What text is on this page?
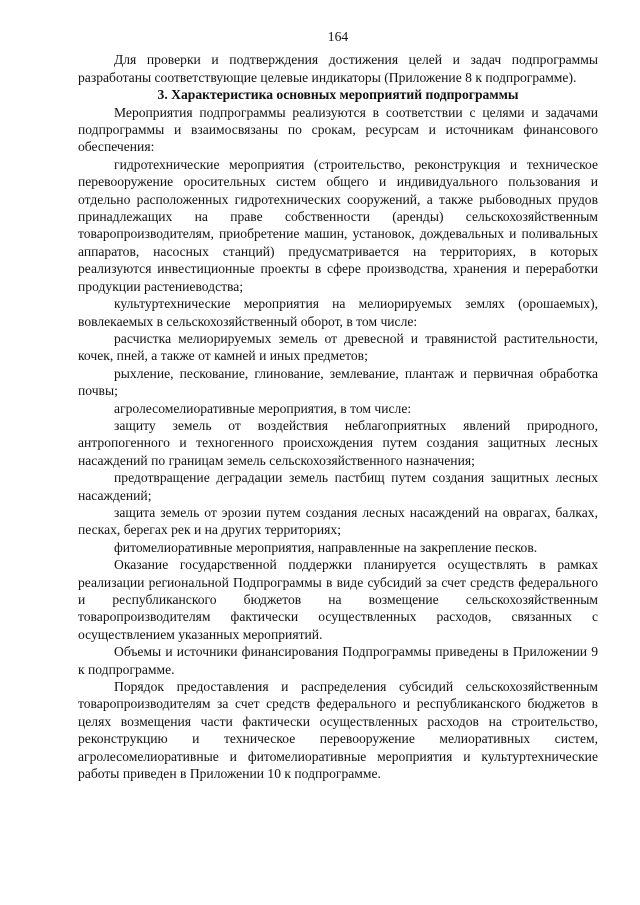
164

Для проверки и подтверждения достижения целей и задач подпрограммы разработаны соответствующие целевые индикаторы (Приложение 8 к подпрограмме).

3. Характеристика основных мероприятий подпрограммы

Мероприятия подпрограммы реализуются в соответствии с целями и задачами подпрограммы и взаимосвязаны по срокам, ресурсам и источникам финансового обеспечения:

гидротехнические мероприятия (строительство, реконструкция и техническое перевооружение оросительных систем общего и индивидуального пользования и отдельно расположенных гидротехнических сооружений, а также рыбоводных прудов принадлежащих на праве собственности (аренды) сельскохозяйственным товаропроизводителям, приобретение машин, установок, дождевальных и поливальных аппаратов, насосных станций) предусматривается на территориях, в которых реализуются инвестиционные проекты в сфере производства, хранения и переработки продукции растениеводства;

культуртехнические мероприятия на мелиорируемых землях (орошаемых), вовлекаемых в сельскохозяйственный оборот, в том числе:

расчистка мелиорируемых земель от древесной и травянистой растительности, кочек, пней, а также от камней и иных предметов;

рыхление, пескование, глинование, землевание, плантаж и первичная обработка почвы;

агролесомелиоративные мероприятия, в том числе:

защиту земель от воздействия неблагоприятных явлений природного, антропогенного и техногенного происхождения путем создания защитных лесных насаждений по границам земель сельскохозяйственного назначения;

предотвращение деградации земель пастбищ путем создания защитных лесных насаждений;

защита земель от эрозии путем создания лесных насаждений на оврагах, балках, песках, берегах рек и на других территориях;

фитомелиоративные мероприятия, направленные на закрепление песков.

Оказание государственной поддержки планируется осуществлять в рамках реализации региональной Подпрограммы в виде субсидий за счет средств федерального и республиканского бюджетов на возмещение сельскохозяйственным товаропроизводителям фактически осуществленных расходов, связанных с осуществлением указанных мероприятий.

Объемы и источники финансирования Подпрограммы приведены в Приложении 9 к подпрограмме.

Порядок предоставления и распределения субсидий сельскохозяйственным товаропроизводителям за счет средств федерального и республиканского бюджетов в целях возмещения части фактически осуществленных расходов на строительство, реконструкцию и техническое перевооружение мелиоративных систем, агролесомелиоративные и фитомелиоративные мероприятия и культуртехнические работы приведен в Приложении 10 к подпрограмме.
